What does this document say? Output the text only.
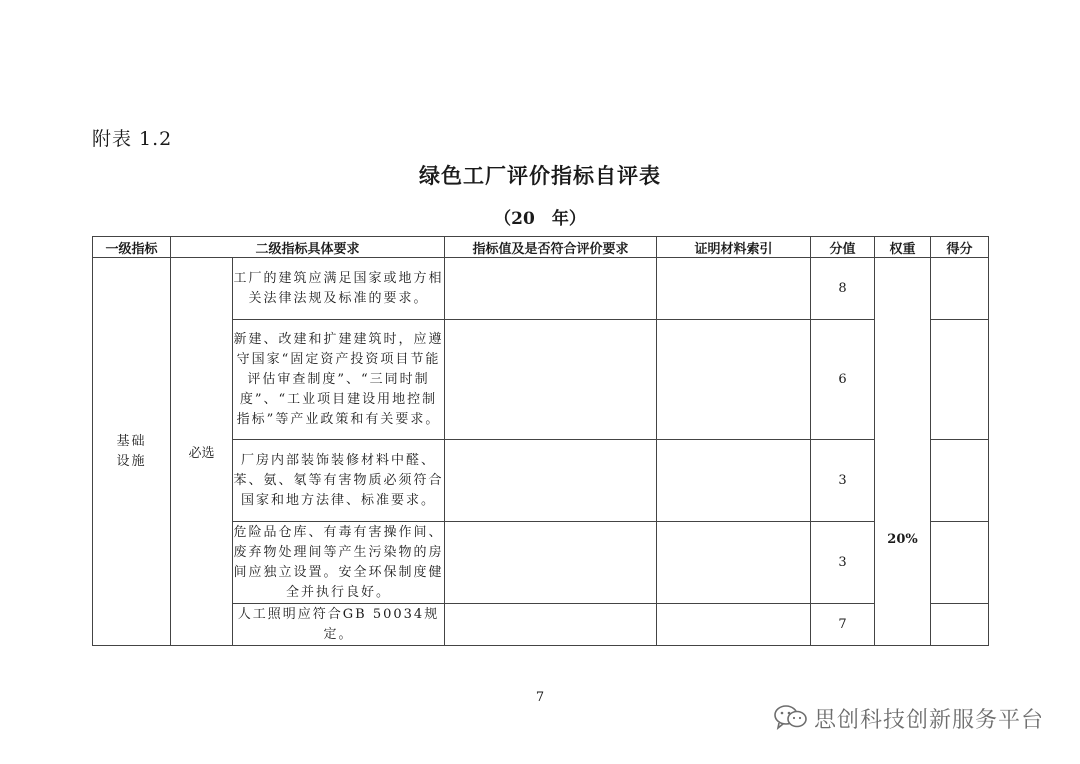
附表 1.2
绿色工厂评价指标自评表
（20　年）
一级指标	二级指标具体要求		指标值及是否符合评价要求	证明材料索引	分值	权重	得分
基础设施	必选	工厂的建筑应满足国家或地方相关法律法规及标准的要求。			8	20%	

		新建、改建和扩建建筑时，应遵守国家“固定资产投资项目节能评估审查制度”、“三同时制度”、“工业项目建设用地控制指标”等产业政策和有关要求。			6		
		厂房内部装饰装修材料中醛、苯、氨、氡等有害物质必须符合国家和地方法律、标准要求。			3		
		危险品仓库、有毒有害操作间、废弃物处理间等产生污染物的房间应独立设置。安全环保制度健全并执行良好。			3		
		人工照明应符合GB 50034规定。			7		
7
思创科技创新服务平台
